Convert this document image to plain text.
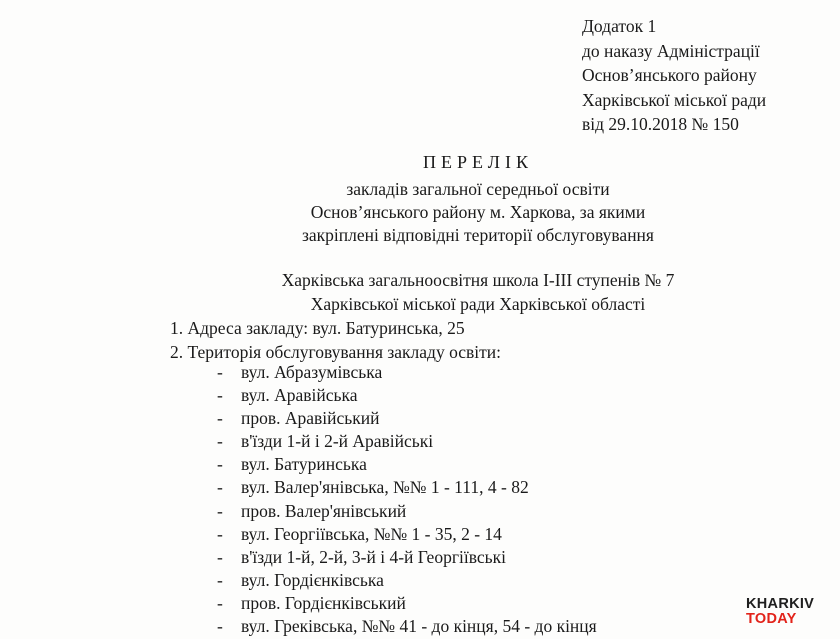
Додаток 1
до наказу Адміністрації
Основ’янського району
Харківської міської ради
від 29.10.2018 № 150
ПЕРЕЛІК
закладів загальної середньої освіти
Основ’янського району м. Харкова, за якими
закріплені відповідні території обслуговування
Харківська загальноосвітня школа І-ІІІ ступенів № 7
Харківської міської ради Харківської області
1. Адреса закладу: вул. Батуринська, 25
2. Територія обслуговування закладу освіти:
- вул. Абразумівська
- вул. Аравійська
- пров. Аравійський
- в'їзди 1-й і 2-й Аравійські
- вул. Батуринська
- вул. Валер'янівська, №№ 1 - 111, 4 - 82
- пров. Валер'янівський
- вул. Георгіївська, №№ 1 - 35, 2 - 14
- в'їзди 1-й, 2-й, 3-й і 4-й Георгіївські
- вул. Гордієнківська
- пров. Гордієнківський
- вул. Греківська, №№ 41 - до кінця, 54 - до кінця
KHARKIV
TODAY
